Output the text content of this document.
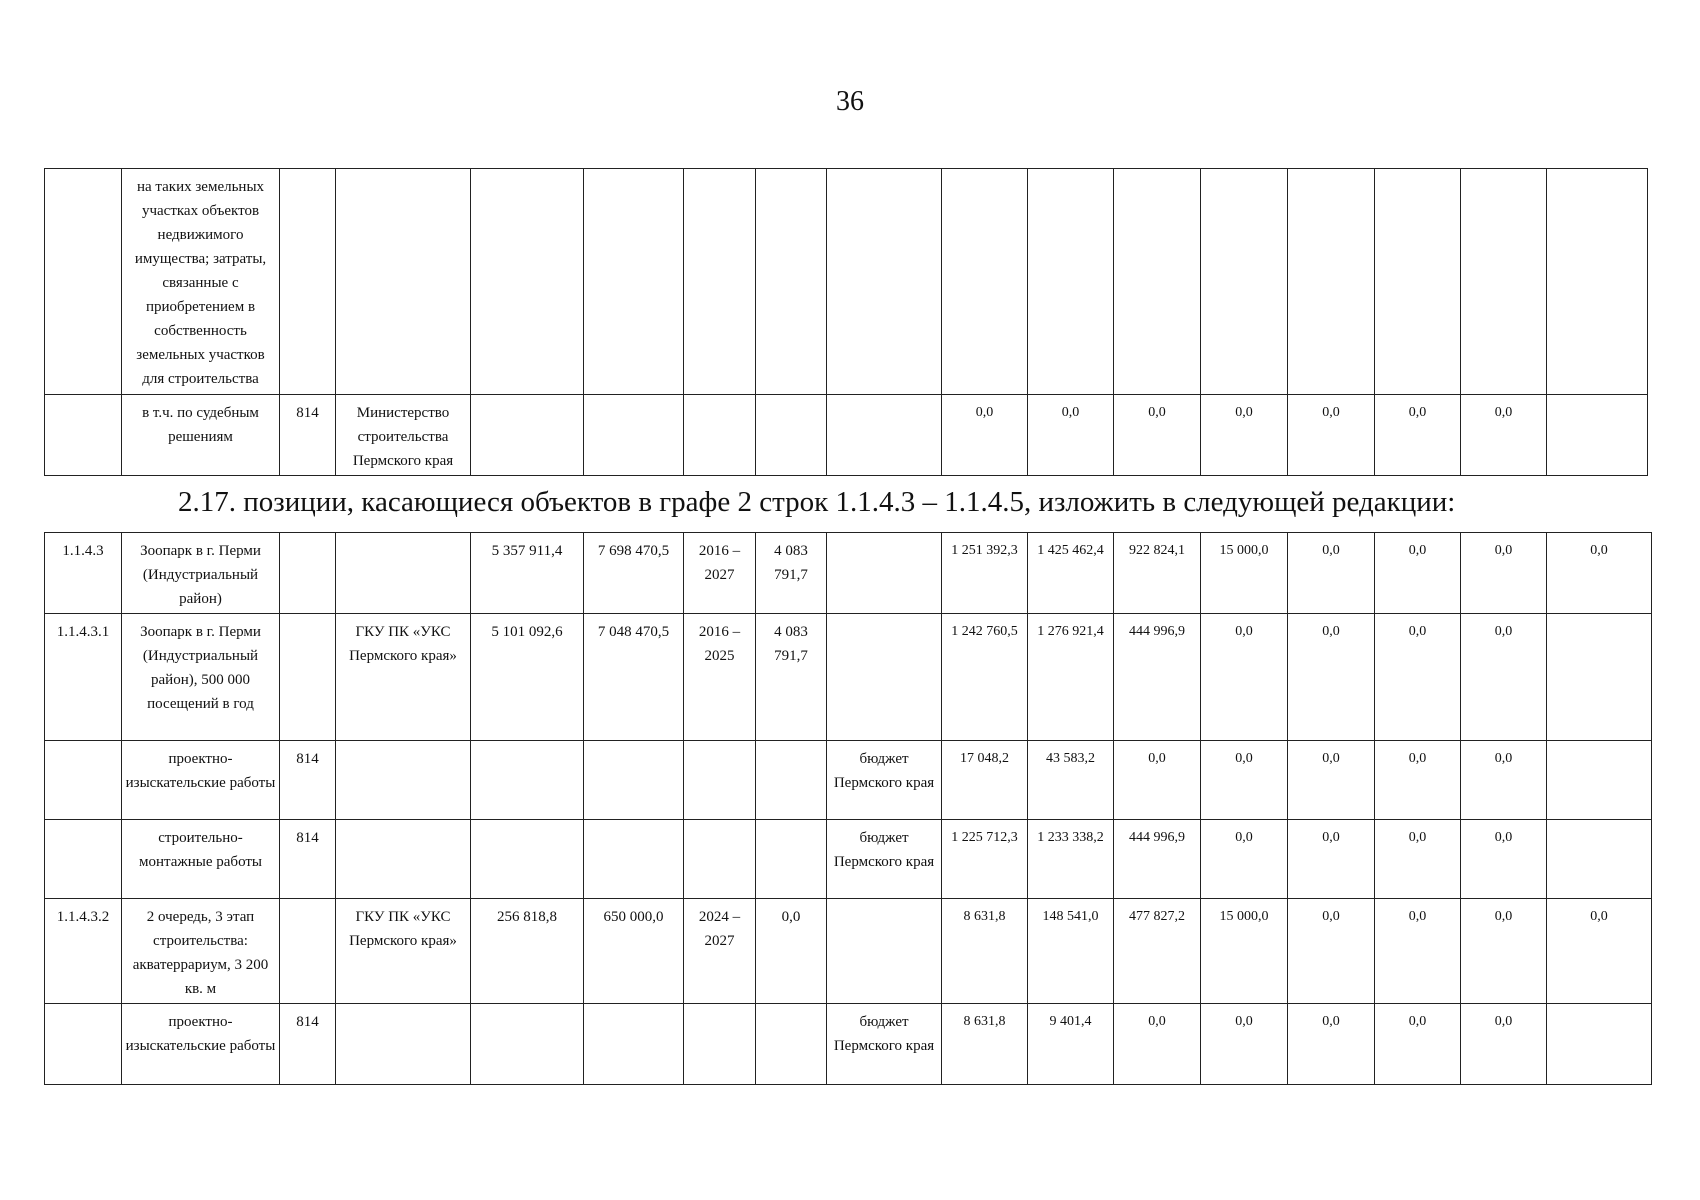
36
	на таких земельных участках объектов недвижимого имущества; затраты, связанные с приобретением в собственность земельных участков для строительства															
	в т.ч. по судебным решениям	814	Министерство строительства Пермского края						0,0	0,0	0,0	0,0	0,0	0,0	0,0	
2.17. позиции, касающиеся объектов в графе 2 строк 1.1.4.3 – 1.1.4.5, изложить в следующей редакции:
1.1.4.3	Зоопарк в г. Перми (Индустриальный район)			5 357 911,4	7 698 470,5	2016 – 2027	4 083 791,7		1 251 392,3	1 425 462,4	922 824,1	15 000,0	0,0	0,0	0,0	0,0
1.1.4.3.1	Зоопарк в г. Перми (Индустриальный район), 500 000 посещений в год		ГКУ ПК «УКС Пермского края»	5 101 092,6	7 048 470,5	2016 – 2025	4 083 791,7		1 242 760,5	1 276 921,4	444 996,9	0,0	0,0	0,0	0,0	
	проектно-изыскательские работы	814						бюджет Пермского края	17 048,2	43 583,2	0,0	0,0	0,0	0,0	0,0	
	строительно-монтажные работы	814						бюджет Пермского края	1 225 712,3	1 233 338,2	444 996,9	0,0	0,0	0,0	0,0	
1.1.4.3.2	2 очередь, 3 этап строительства: акватеррариум, 3 200 кв. м		ГКУ ПК «УКС Пермского края»	256 818,8	650 000,0	2024 – 2027	0,0		8 631,8	148 541,0	477 827,2	15 000,0	0,0	0,0	0,0	0,0
	проектно-изыскательские работы	814						бюджет Пермского края	8 631,8	9 401,4	0,0	0,0	0,0	0,0	0,0	
